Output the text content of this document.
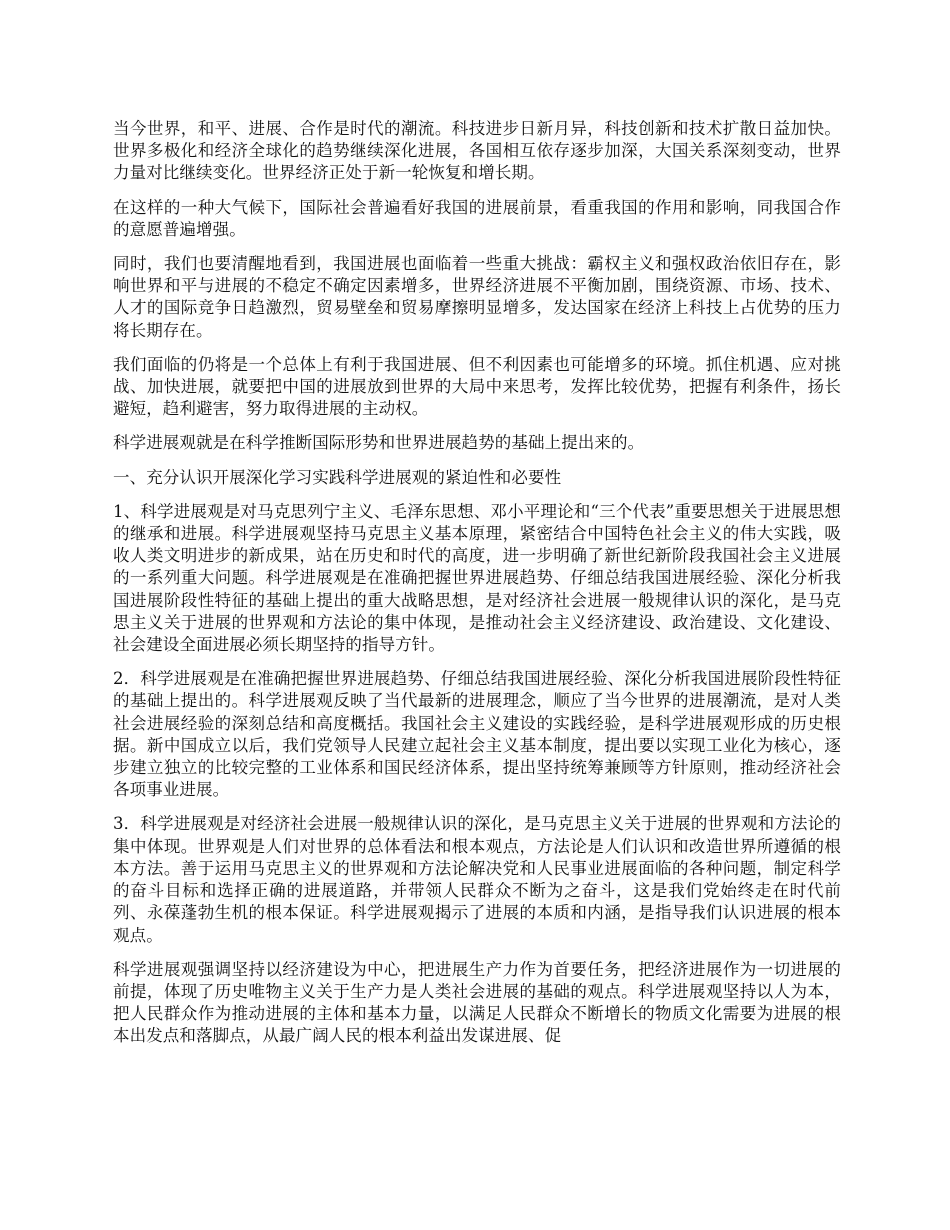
当今世界，和平、进展、合作是时代的潮流。科技进步日新月异，科技创新和技术扩散日益加快。世界多极化和经济全球化的趋势继续深化进展，各国相互依存逐步加深，大国关系深刻变动，世界力量对比继续变化。世界经济正处于新一轮恢复和增长期。

在这样的一种大气候下，国际社会普遍看好我国的进展前景，看重我国的作用和影响，同我国合作的意愿普遍增强。

同时，我们也要清醒地看到，我国进展也面临着一些重大挑战：霸权主义和强权政治依旧存在，影响世界和平与进展的不稳定不确定因素增多，世界经济进展不平衡加剧，围绕资源、市场、技术、人才的国际竞争日趋激烈，贸易壁垒和贸易摩擦明显增多，发达国家在经济上科技上占优势的压力将长期存在。

我们面临的仍将是一个总体上有利于我国进展、但不利因素也可能增多的环境。抓住机遇、应对挑战、加快进展，就要把中国的进展放到世界的大局中来思考，发挥比较优势，把握有利条件，扬长避短，趋利避害，努力取得进展的主动权。

科学进展观就是在科学推断国际形势和世界进展趋势的基础上提出来的。

一、充分认识开展深化学习实践科学进展观的紧迫性和必要性

1、科学进展观是对马克思列宁主义、毛泽东思想、邓小平理论和“三个代表”重要思想关于进展思想的继承和进展。科学进展观坚持马克思主义基本原理，紧密结合中国特色社会主义的伟大实践，吸收人类文明进步的新成果，站在历史和时代的高度，进一步明确了新世纪新阶段我国社会主义进展的一系列重大问题。科学进展观是在准确把握世界进展趋势、仔细总结我国进展经验、深化分析我国进展阶段性特征的基础上提出的重大战略思想，是对经济社会进展一般规律认识的深化，是马克思主义关于进展的世界观和方法论的集中体现，是推动社会主义经济建设、政治建设、文化建设、社会建设全面进展必须长期坚持的指导方针。

2．科学进展观是在准确把握世界进展趋势、仔细总结我国进展经验、深化分析我国进展阶段性特征的基础上提出的。科学进展观反映了当代最新的进展理念，顺应了当今世界的进展潮流，是对人类社会进展经验的深刻总结和高度概括。我国社会主义建设的实践经验，是科学进展观形成的历史根据。新中国成立以后，我们党领导人民建立起社会主义基本制度，提出要以实现工业化为核心，逐步建立独立的比较完整的工业体系和国民经济体系，提出坚持统筹兼顾等方针原则，推动经济社会各项事业进展。

3．科学进展观是对经济社会进展一般规律认识的深化，是马克思主义关于进展的世界观和方法论的集中体现。世界观是人们对世界的总体看法和根本观点，方法论是人们认识和改造世界所遵循的根本方法。善于运用马克思主义的世界观和方法论解决党和人民事业进展面临的各种问题，制定科学的奋斗目标和选择正确的进展道路，并带领人民群众不断为之奋斗，这是我们党始终走在时代前列、永葆蓬勃生机的根本保证。科学进展观揭示了进展的本质和内涵，是指导我们认识进展的根本观点。

科学进展观强调坚持以经济建设为中心，把进展生产力作为首要任务，把经济进展作为一切进展的前提，体现了历史唯物主义关于生产力是人类社会进展的基础的观点。科学进展观坚持以人为本，把人民群众作为推动进展的主体和基本力量，以满足人民群众不断增长的物质文化需要为进展的根本出发点和落脚点，从最广阔人民的根本利益出发谋进展、促
